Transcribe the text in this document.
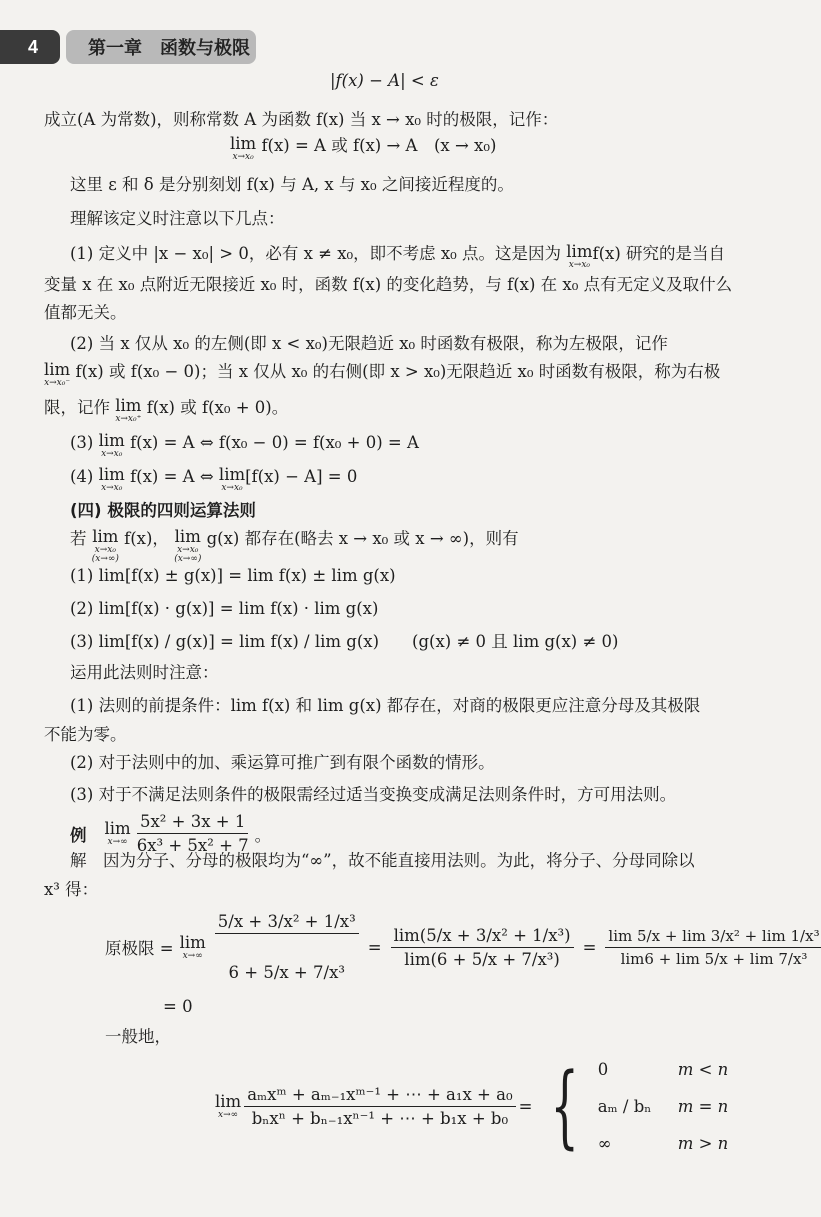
4	第一章　函数与极限
|f(x) − A| < ε
成立(A 为常数)，则称常数 A 为函数 f(x) 当 x → x₀ 时的极限，记作：
lim
x→x₀
f(x) = A 或 f(x) → A　(x → x₀)
这里 ε 和 δ 是分别刻划 f(x) 与 A, x 与 x₀ 之间接近程度的。
理解该定义时注意以下几点：
(1) 定义中 |x − x₀| > 0，必有 x ≠ x₀，即不考虑 x₀ 点。这是因为 lim
x→x₀
f(x) 研究的是当自
变量 x 在 x₀ 点附近无限接近 x₀ 时，函数 f(x) 的变化趋势，与 f(x) 在 x₀ 点有无定义及取什么
值都无关。
(2) 当 x 仅从 x₀ 的左侧(即 x < x₀)无限趋近 x₀ 时函数有极限，称为左极限，记作
lim
x→x₀⁻
f(x) 或 f(x₀ − 0)；当 x 仅从 x₀ 的右侧(即 x > x₀)无限趋近 x₀ 时函数有极限，称为右极
限，记作 lim
x→x₀⁺
f(x) 或 f(x₀ + 0)。
(3) lim
x→x₀
f(x) = A ⇔ f(x₀ − 0) = f(x₀ + 0) = A
(4) lim
x→x₀
f(x) = A ⇔ lim
x→x₀
[f(x) − A] = 0
(四) 极限的四则运算法则
若 lim
x→x₀
(x→∞)
f(x)， lim
x→x₀
(x→∞)
g(x) 都存在(略去 x → x₀ 或 x → ∞)，则有
(1) lim[f(x) ± g(x)] = lim f(x) ± lim g(x)
(2) lim[f(x) · g(x)] = lim f(x) · lim g(x)
(3) lim[f(x) / g(x)] = lim f(x) / lim g(x)　　(g(x) ≠ 0 且 lim g(x) ≠ 0)
运用此法则时注意：
(1) 法则的前提条件：lim f(x) 和 lim g(x) 都存在，对商的极限更应注意分母及其极限
不能为零。
(2) 对于法则中的加、乘运算可推广到有限个函数的情形。
(3) 对于不满足法则条件的极限需经过适当变换变成满足法则条件时，方可用法则。
例 lim
$x\to\infty \frac{\text{5x² + 3x + 1}}{\text{6x³ + 5x² + 7}}$ 。
解　因为分子、分母的极限均为“∞”，故不能直接用法则。为此，将分子、分母同除以
x³ 得：
原极限 = lim
$x\to\infty \frac{\text{5/x + 3/x² + 1/x³}}{\text{6 + 5/x + 7/x³}} = \frac{\text{lim(5/x + 3/x² + 1/x³)}}{\text{lim(6 + 5/x + 7/x³)}} = \frac{\text{lim 5/x + lim 3/x² + lim 1/x³}}{\text{lim6 + lim 5/x + lim 7/x³}}$
= 0
一般地，
lim
$x\to\infty \frac{\text{aₘxᵐ + aₘ₋₁xᵐ⁻¹ + ⋯ + a₁x + a₀}}{\text{bₙxⁿ + bₙ₋₁xⁿ⁻¹ + ⋯ + b₁x + b₀}}$ = { 0	m < n
aₘ / bₙ m = n
∞	m > n
